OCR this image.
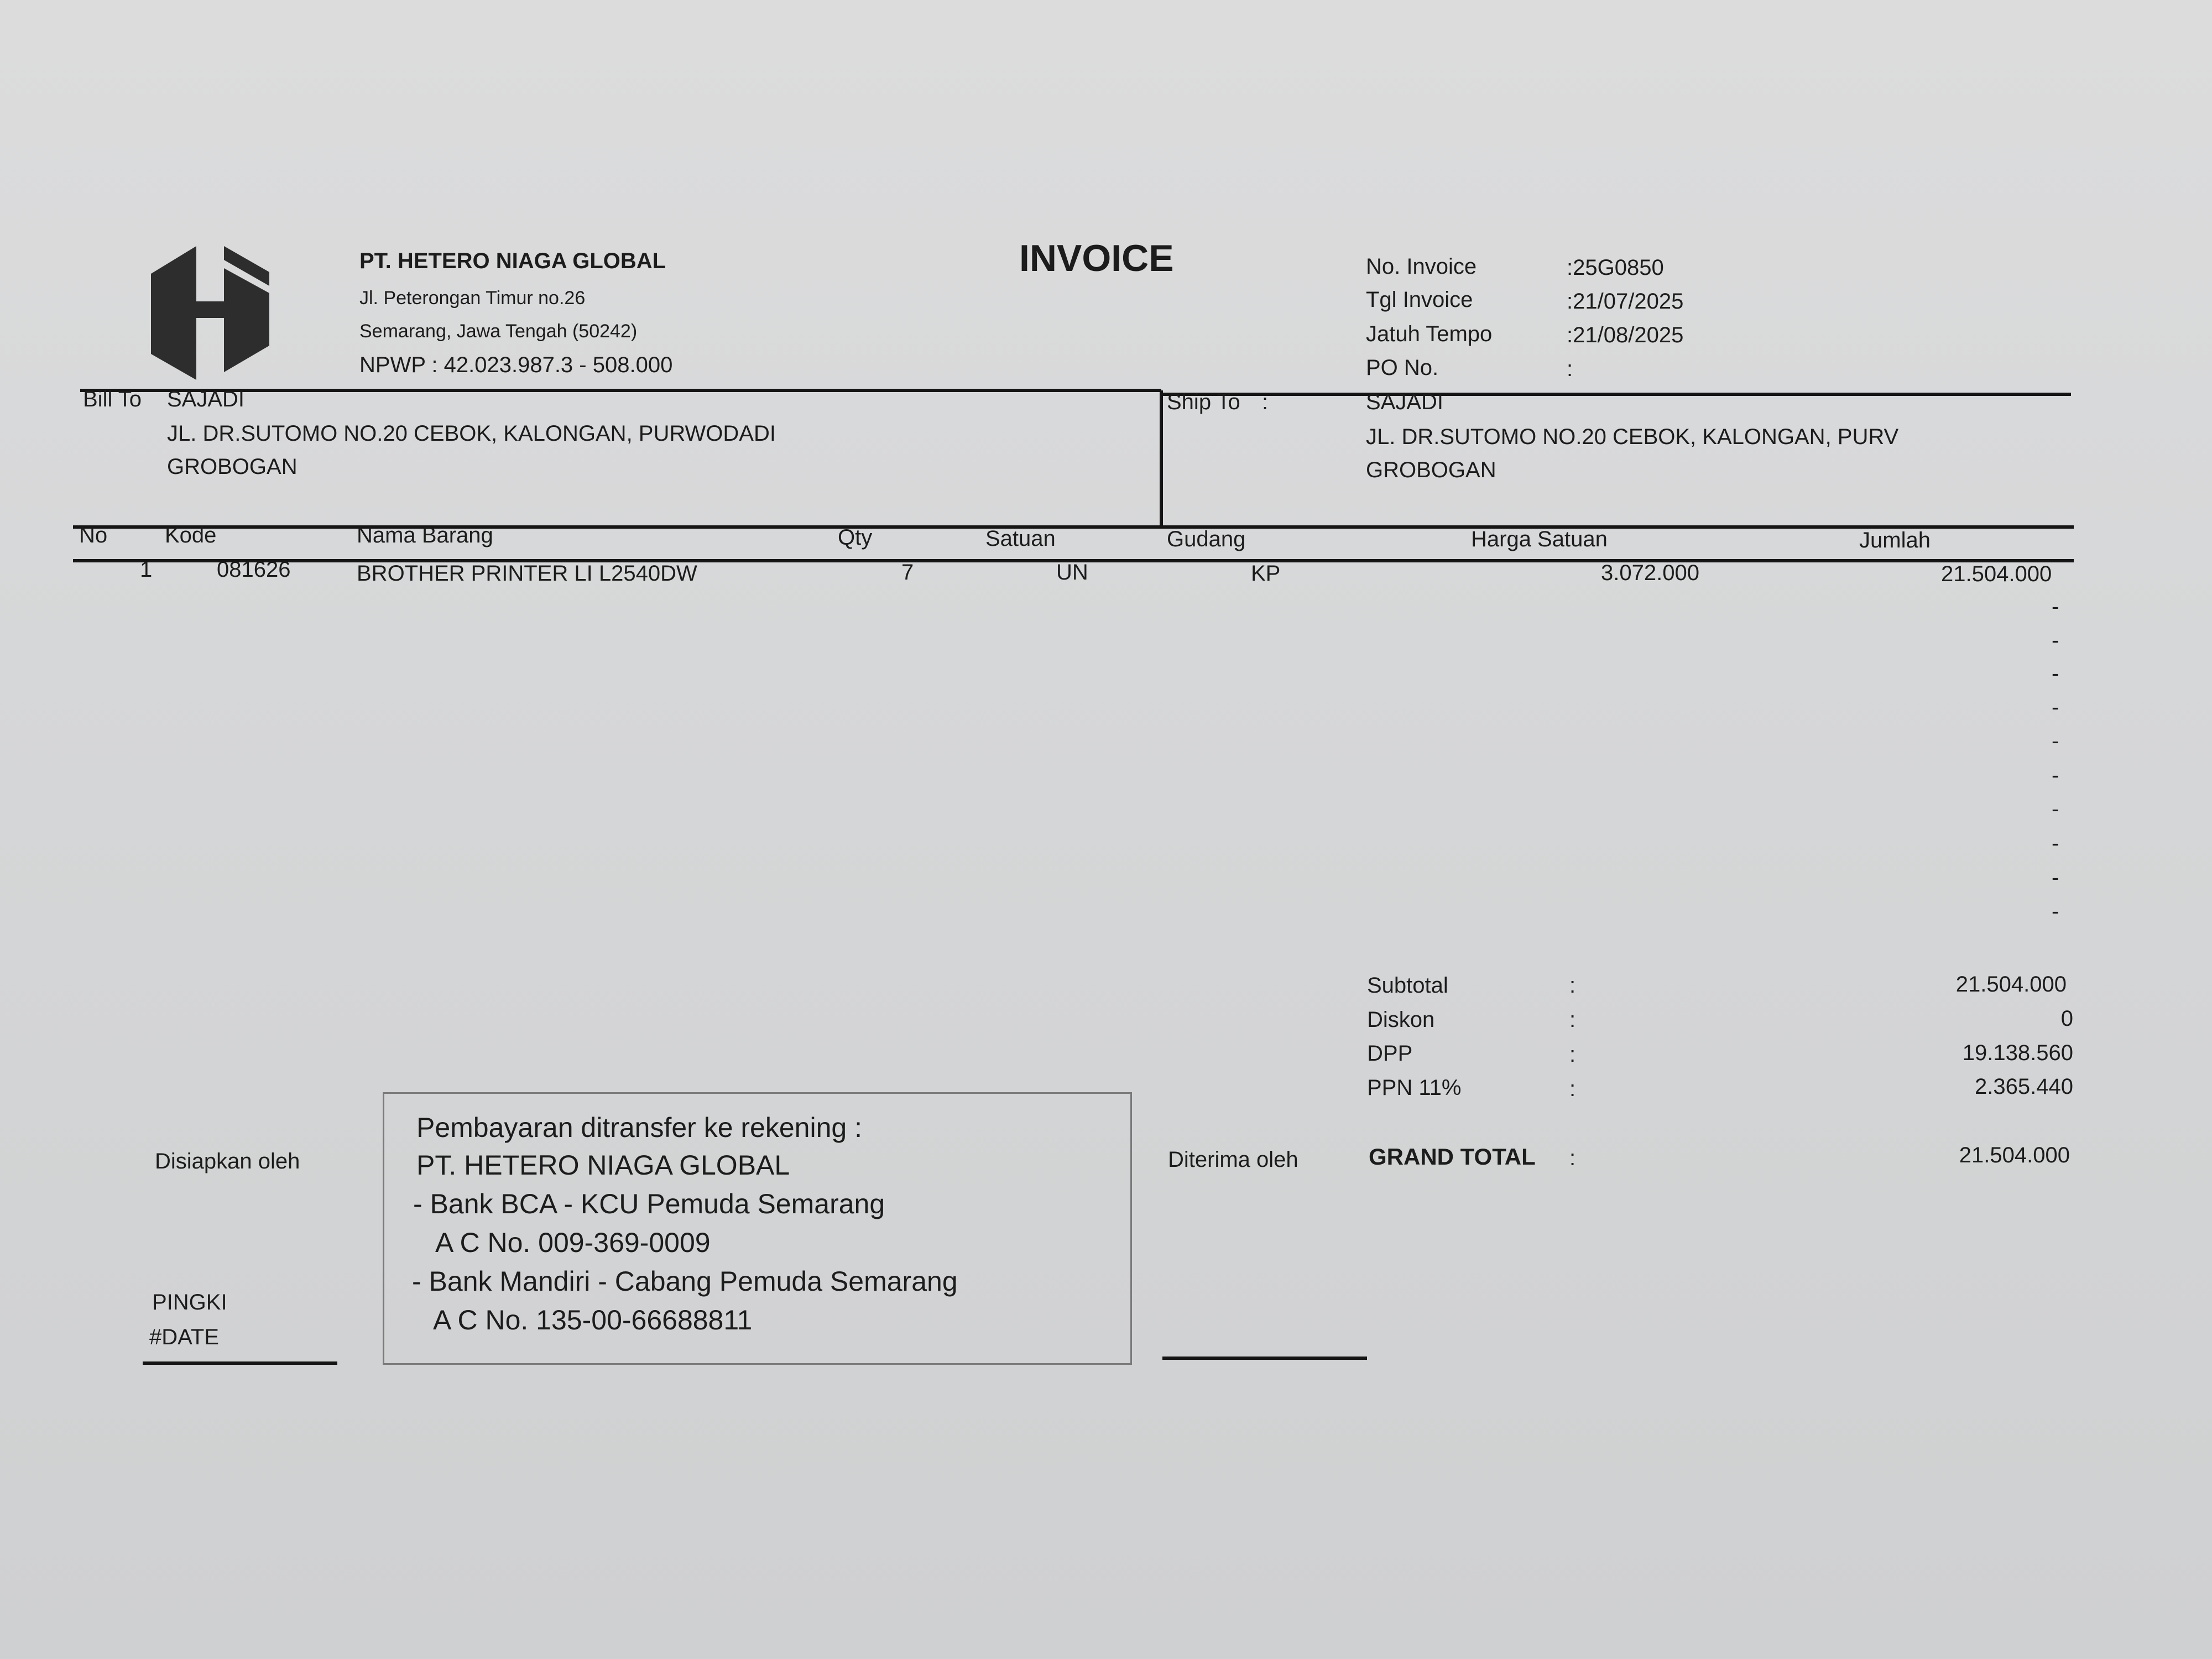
PT. HETERO NIAGA GLOBAL
Jl. Peterongan Timur no.26
Semarang, Jawa Tengah (50242)
NPWP : 42.023.987.3 - 508.000
INVOICE	No. Invoice	:25G0850
Tgl Invoice	:21/07/2025
Jatuh Tempo	:21/08/2025
PO No.	:
Bill To SAJADI
JL. DR.SUTOMO NO.20 CEBOK, KALONGAN, PURWODADI
GROBOGAN
Ship To :	SAJADI
JL. DR.SUTOMO NO.20 CEBOK, KALONGAN, PURV
GROBOGAN
No	Kode	Nama Barang	Qty	Satuan	Gudang	Harga Satuan	Jumlah
1	081626	BROTHER PRINTER LI L2540DW	7	UN	KP	3.072.000	21.504.000
-
-
-
-
-
-
-
-
-
-
Subtotal	:	21.504.000
Diskon	:	0
DPP	:	19.138.560
PPN 11%	:	2.365.440
GRAND TOTAL :	21.504.000
Disiapkan oleh
PINGKI
#DATE
Pembayaran ditransfer ke rekening :
PT. HETERO NIAGA GLOBAL
- Bank BCA - KCU Pemuda Semarang
A C No. 009-369-0009
- Bank Mandiri - Cabang Pemuda Semarang
A C No. 135-00-66688811
Diterima oleh
